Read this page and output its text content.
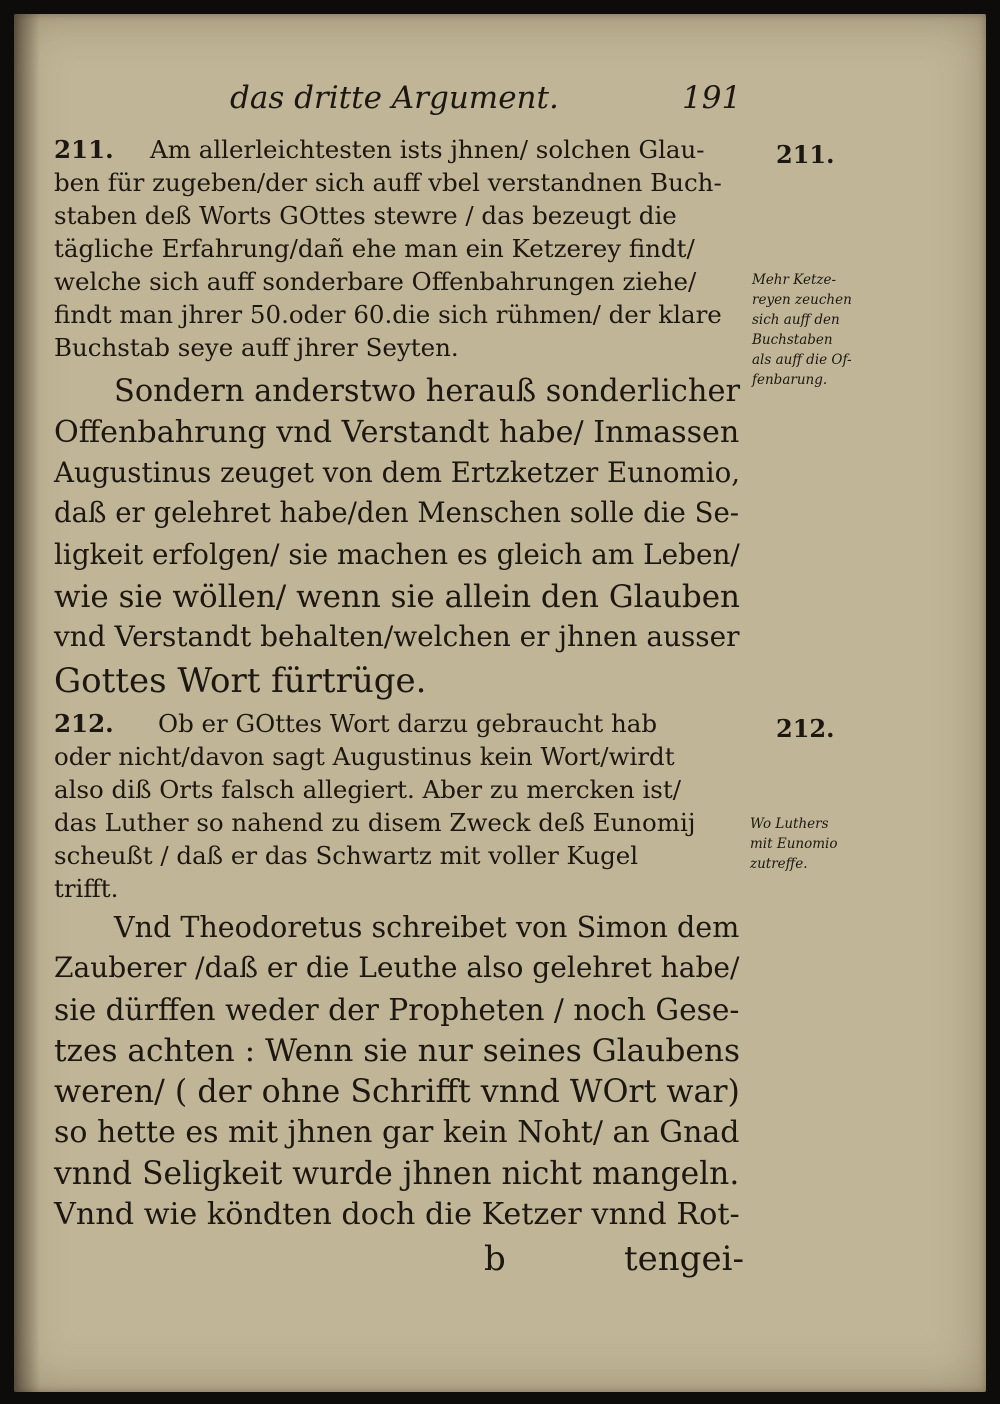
das dritte Argument.	191
211. Am allerleichtesten ists jhnen/ solchen Glau-
ben für zugeben/der sich auff vbel verstandnen Buch-
staben deß Worts GOttes stewre / das bezeugt die
tägliche Erfahrung/dañ ehe man ein Ketzerey findt/
welche sich auff sonderbare Offenbahrungen ziehe/
findt man jhrer 50.oder 60.die sich rühmen/ der klare
Buchstab seye auff jhrer Seyten.
Sondern anderstwo herauß sonderlicher
Offenbahrung vnd Verstandt habe/ Inmassen
Augustinus zeuget von dem Ertzketzer Eunomio,
daß er gelehret habe/den Menschen solle die Se-
ligkeit erfolgen/ sie machen es gleich am Leben/
wie sie wöllen/ wenn sie allein den Glauben
vnd Verstandt behalten/welchen er jhnen ausser
Gottes Wort fürtrüge.
212. Ob er GOttes Wort darzu gebraucht hab
oder nicht/davon sagt Augustinus kein Wort/wirdt
also diß Orts falsch allegiert. Aber zu mercken ist/
das Luther so nahend zu disem Zweck deß Eunomij
scheußt / daß er das Schwartz mit voller Kugel
trifft.
Vnd Theodoretus schreibet von Simon dem
Zauberer /daß er die Leuthe also gelehret habe/
sie dürffen weder der Propheten / noch Gese-
tzes achten : Wenn sie nur seines Glaubens
weren/ ( der ohne Schrifft vnnd WOrt war)
so hette es mit jhnen gar kein Noht/ an Gnad
vnnd Seligkeit wurde jhnen nicht mangeln.
Vnnd wie köndten doch die Ketzer vnnd Rot-
b	tengei-
211.
Mehr Ketze-
reyen zeuchen
sich auff den
Buchstaben
als auff die Of-
fenbarung.
212.
Wo Luthers
mit Eunomio
zutreffe.
